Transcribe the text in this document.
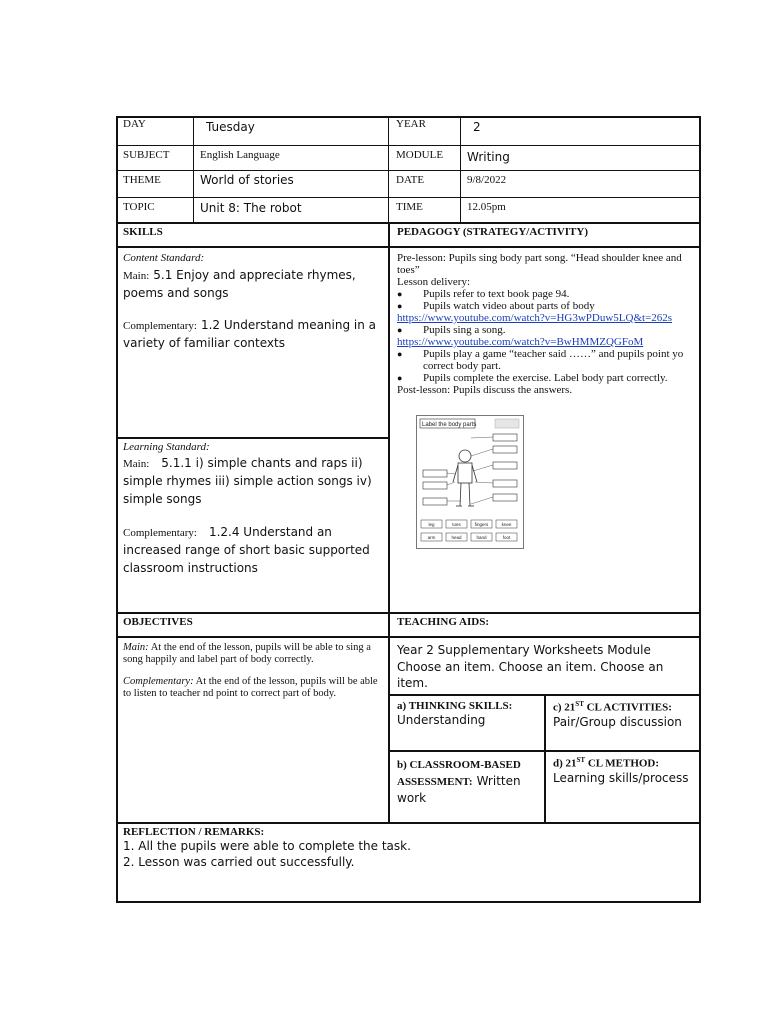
DAY	Tuesday	YEAR	2
SUBJECT	English Language	MODULE	Writing
THEME	World of stories	DATE	9/8/2022
TOPIC	Unit 8: The robot	TIME	12.05pm
SKILLS	PEDAGOGY (STRATEGY/ACTIVITY)
Content Standard:
Main: 5.1 Enjoy and appreciate rhymes, poems and songs
Complementary: 1.2 Understand meaning in a variety of familiar contexts
Learning Standard:
Main: 5.1.1 i) simple chants and raps ii) simple rhymes iii) simple action songs iv) simple songs
Complementary: 1.2.4 Understand an increased range of short basic supported classroom instructions
Pre-lesson: Pupils sing body part song. “Head shoulder knee and toes”
Lesson delivery:
● Pupils refer to text book page 94.
● Pupils watch video about parts of body
https://www.youtube.com/watch?v=HG3wPDuw5LQ&t=262s
● Pupils sing a song.
https://www.youtube.com/watch?v=BwHMMZQGFoM
● Pupils play a game “teacher said ……” and pupils point yo correct body part.
● Pupils complete the exercise. Label body part correctly.
Post-lesson: Pupils discuss the answers.
Label the body parts
leg	toes	fingers	knee
arm	head	hand	foot
OBJECTIVES	TEACHING AIDS:
Main: At the end of the lesson, pupils will be able to sing a song happily and label part of body correctly.
Complementary: At the end of the lesson, pupils will be able to listen to teacher nd point to correct part of body.
Year 2 Supplementary Worksheets Module Choose an item. Choose an item. Choose an item.
a) THINKING SKILLS:
Understanding
c) 21ST CL ACTIVITIES:
Pair/Group discussion
b) CLASSROOM-BASED ASSESSMENT: Written work
d) 21ST CL METHOD:
Learning skills/process
REFLECTION / REMARKS:
1. All the pupils were able to complete the task.
2. Lesson was carried out successfully.
